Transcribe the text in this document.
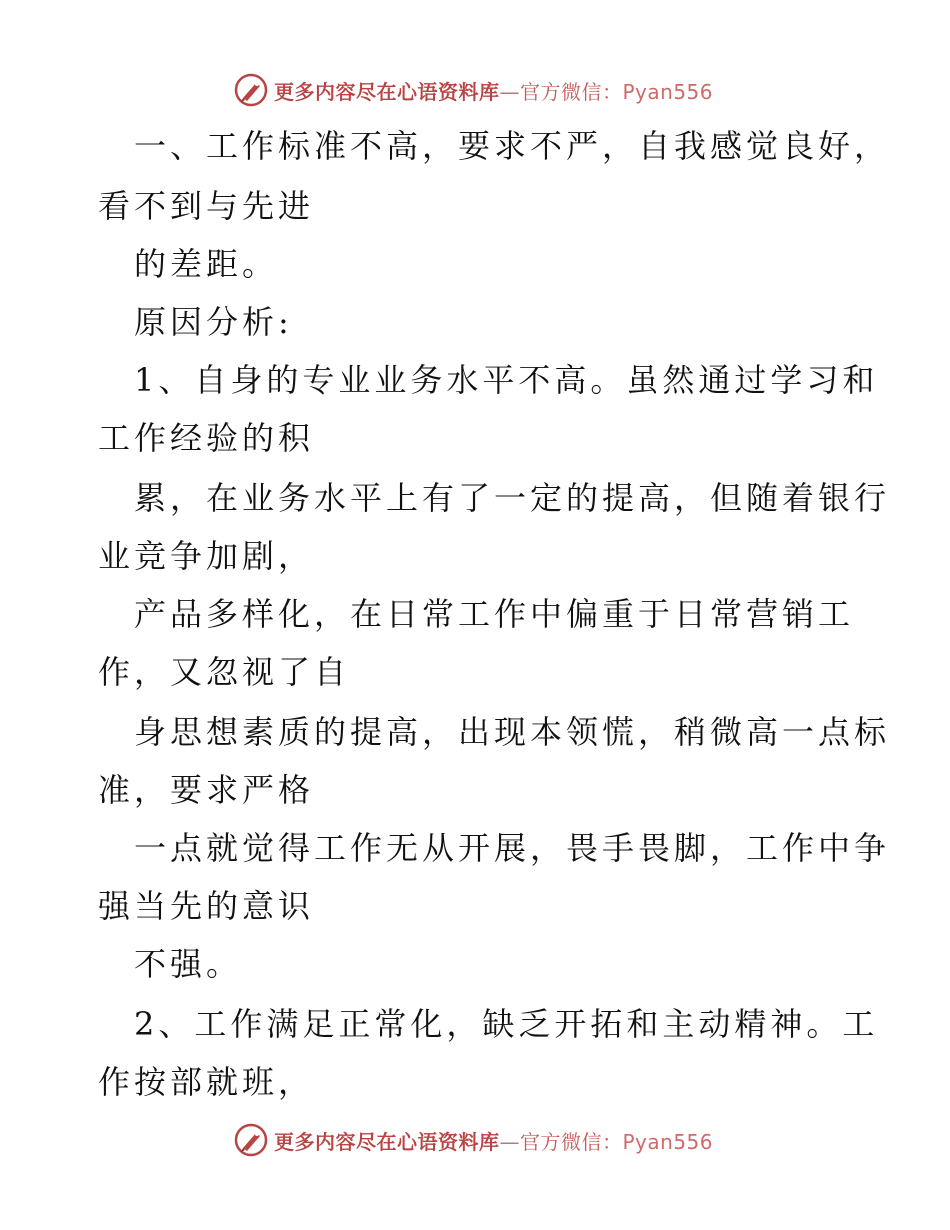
更多内容尽在心语资料库—官方微信：Pyan556
一、工作标准不高，要求不严，自我感觉良好，
看不到与先进
的差距。
原因分析:
1、自身的专业业务水平不高。虽然通过学习和
工作经验的积
累，在业务水平上有了一定的提高，但随着银行
业竞争加剧，
产品多样化，在日常工作中偏重于日常营销工
作，又忽视了自
身思想素质的提高，出现本领慌，稍微高一点标
准，要求严格
一点就觉得工作无从开展，畏手畏脚，工作中争
强当先的意识
不强。
2、工作满足正常化，缺乏开拓和主动精神。工
作按部就班，
更多内容尽在心语资料库—官方微信：Pyan556
